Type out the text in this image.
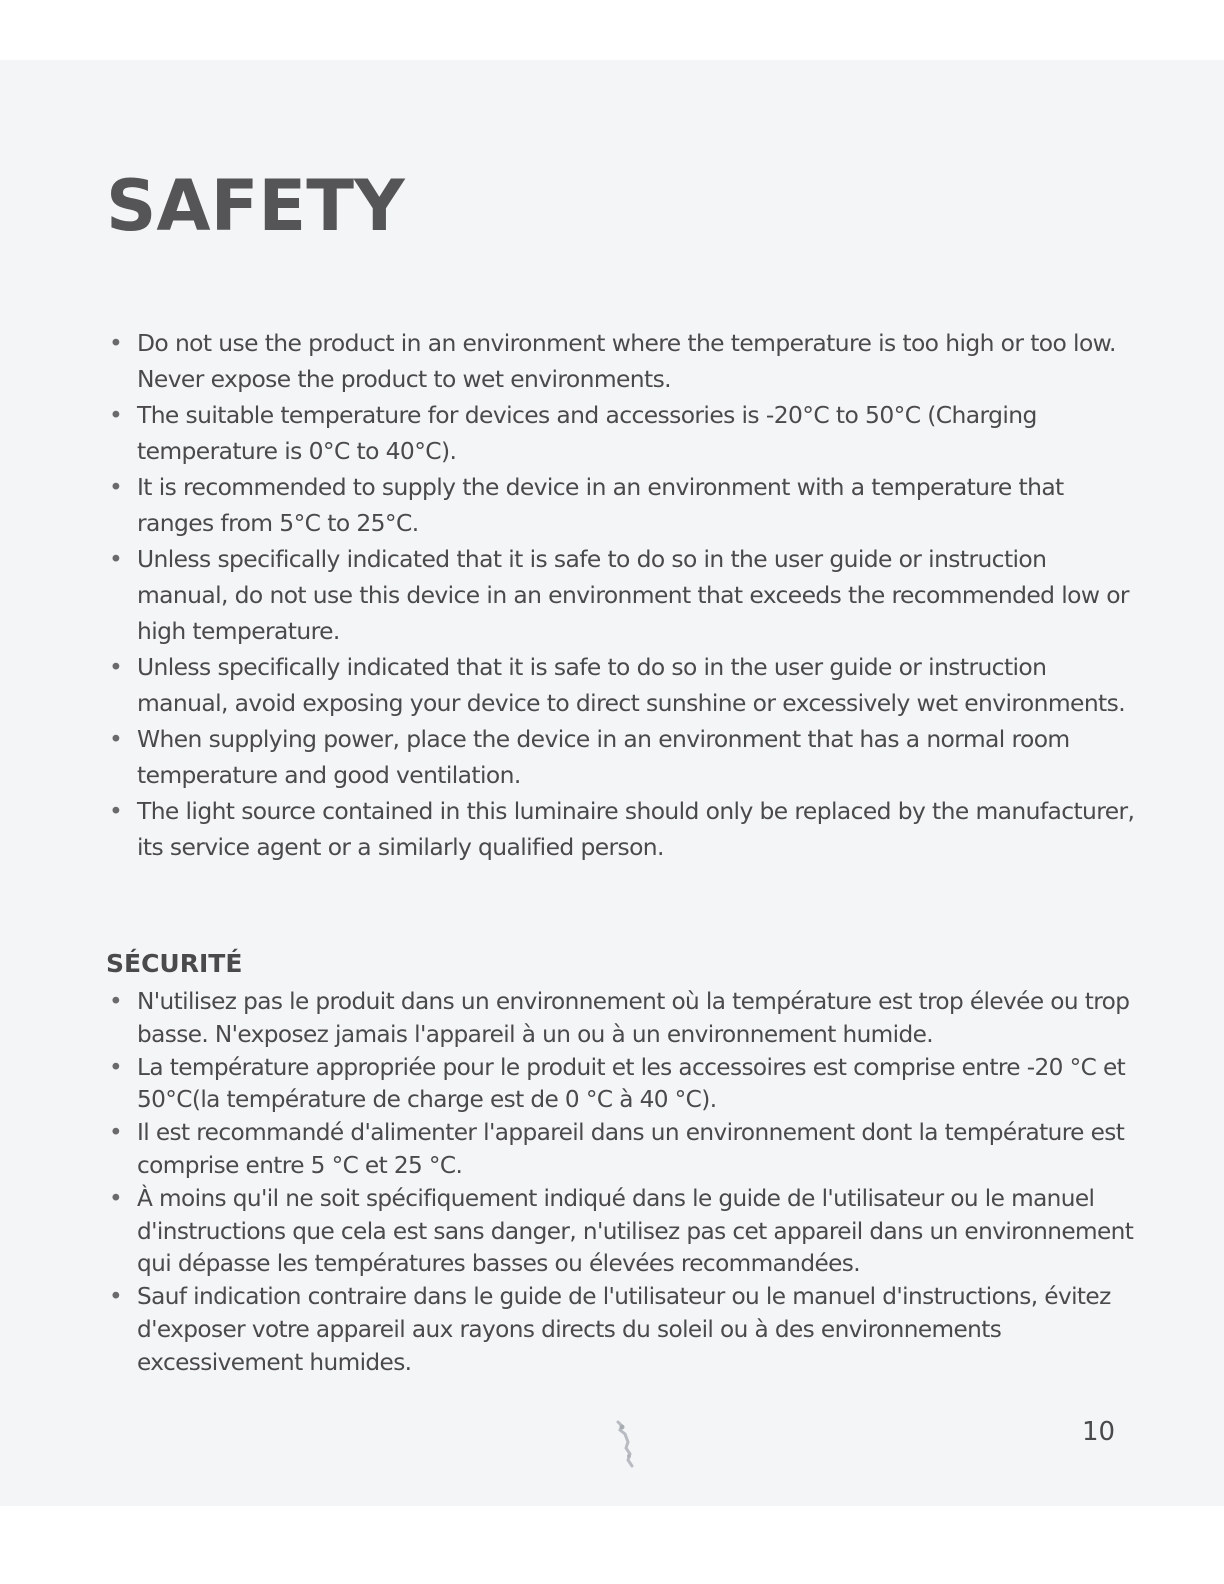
SAFETY
• Do not use the product in an environment where the temperature is too high or too low. Never expose the product to wet environments.
• The suitable temperature for devices and accessories is -20°C to 50°C (Charging temperature is 0°C to 40°C).
• It is recommended to supply the device in an environment with a temperature that ranges from 5°C to 25°C.
• Unless specifically indicated that it is safe to do so in the user guide or instruction manual, do not use this device in an environment that exceeds the recommended low or high temperature.
• Unless specifically indicated that it is safe to do so in the user guide or instruction manual, avoid exposing your device to direct sunshine or excessively wet environments.
• When supplying power, place the device in an environment that has a normal room temperature and good ventilation.
• The light source contained in this luminaire should only be replaced by the manufacturer, its service agent or a similarly qualified person.
SÉCURITÉ
• N'utilisez pas le produit dans un environnement où la température est trop élevée ou trop basse. N'exposez jamais l'appareil à un ou à un environnement humide.
• La température appropriée pour le produit et les accessoires est comprise entre -20 °C et 50°C(la température de charge est de 0 °C à 40 °C).
• Il est recommandé d'alimenter l'appareil dans un environnement dont la température est comprise entre 5 °C et 25 °C.
• À moins qu'il ne soit spécifiquement indiqué dans le guide de l'utilisateur ou le manuel d'instructions que cela est sans danger, n'utilisez pas cet appareil dans un environnement qui dépasse les températures basses ou élevées recommandées.
• Sauf indication contraire dans le guide de l'utilisateur ou le manuel d'instructions, évitez d'exposer votre appareil aux rayons directs du soleil ou à des environnements excessivement humides.
10
